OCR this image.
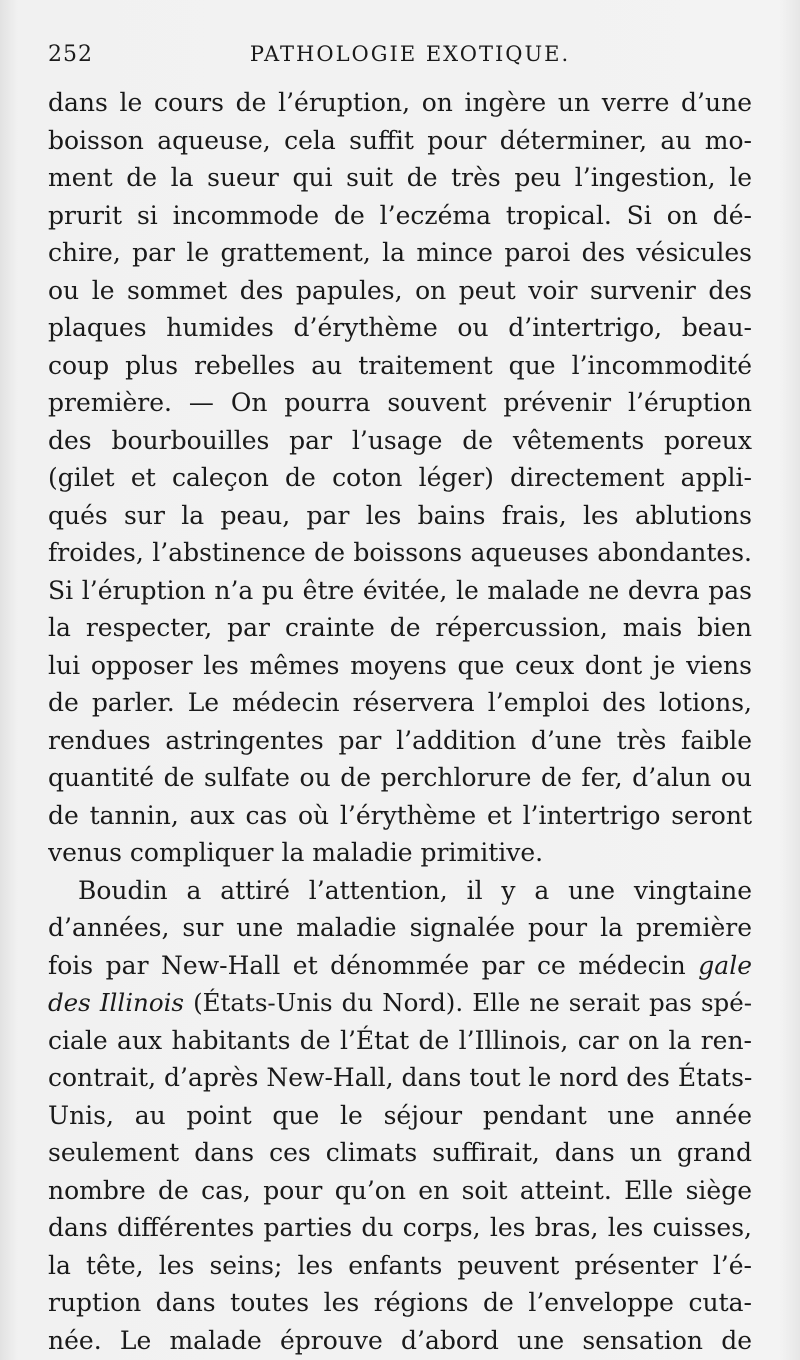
252	PATHOLOGIE EXOTIQUE.
dans le cours de l’éruption, on ingère un verre d’une
boisson aqueuse, cela suffit pour déterminer, au mo-
ment de la sueur qui suit de très peu l’ingestion, le
prurit si incommode de l’eczéma tropical. Si on dé-
chire, par le grattement, la mince paroi des vésicules
ou le sommet des papules, on peut voir survenir des
plaques humides d’érythème ou d’intertrigo, beau-
coup plus rebelles au traitement que l’incommodité
première. — On pourra souvent prévenir l’éruption
des bourbouilles par l’usage de vêtements poreux
(gilet et caleçon de coton léger) directement appli-
qués sur la peau, par les bains frais, les ablutions
froides, l’abstinence de boissons aqueuses abondantes.
Si l’éruption n’a pu être évitée, le malade ne devra pas
la respecter, par crainte de répercussion, mais bien
lui opposer les mêmes moyens que ceux dont je viens
de parler. Le médecin réservera l’emploi des lotions,
rendues astringentes par l’addition d’une très faible
quantité de sulfate ou de perchlorure de fer, d’alun ou
de tannin, aux cas où l’érythème et l’intertrigo seront
venus compliquer la maladie primitive.
Boudin a attiré l’attention, il y a une vingtaine
d’années, sur une maladie signalée pour la première
fois par New-Hall et dénommée par ce médecin gale
des Illinois (États-Unis du Nord). Elle ne serait pas spé-
ciale aux habitants de l’État de l’Illinois, car on la ren-
contrait, d’après New-Hall, dans tout le nord des États-
Unis, au point que le séjour pendant une année
seulement dans ces climats suffirait, dans un grand
nombre de cas, pour qu’on en soit atteint. Elle siège
dans différentes parties du corps, les bras, les cuisses,
la tête, les seins; les enfants peuvent présenter l’é-
ruption dans toutes les régions de l’enveloppe cuta-
née. Le malade éprouve d’abord une sensation de
